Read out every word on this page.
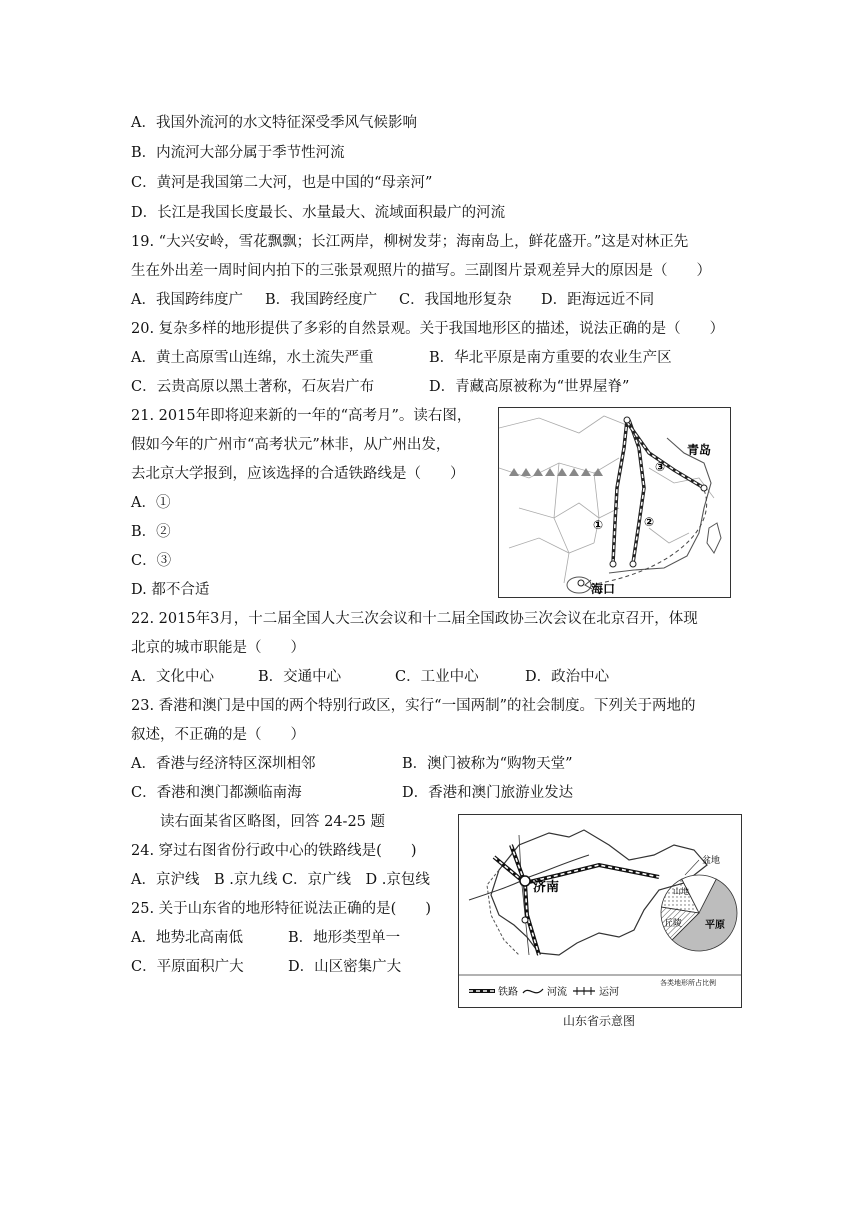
A．我国外流河的水文特征深受季风气候影响
B．内流河大部分属于季节性河流
C．黄河是我国第二大河，也是中国的“母亲河”
D．长江是我国长度最长、水量最大、流域面积最广的河流
19. “大兴安岭，雪花飘飘；长江两岸，柳树发芽；海南岛上，鲜花盛开。”这是对林正先
生在外出差一周时间内拍下的三张景观照片的描写。三副图片景观差异大的原因是（　　）
A．我国跨纬度广 B．我国跨经度广 C．我国地形复杂 D．距海远近不同
20. 复杂多样的地形提供了多彩的自然景观。关于我国地形区的描述，说法正确的是（　　）
A．黄土高原雪山连绵，水土流失严重	B．华北平原是南方重要的农业生产区
C．云贵高原以黑土著称，石灰岩广布	D．青藏高原被称为“世界屋脊”
21. 2015年即将迎来新的一年的“高考月”。读右图，
假如今年的广州市“高考状元”林非，从广州出发，
去北京大学报到，应该选择的合适铁路线是（　　）
A．①
B．②
C．③
D. 都不合适
青岛
海口
①	②
③
22. 2015年3月，十二届全国人大三次会议和十二届全国政协三次会议在北京召开，体现
北京的城市职能是（　　）
A．文化中心	B．交通中心	C．工业中心	D．政治中心
23. 香港和澳门是中国的两个特别行政区，实行“一国两制”的社会制度。下列关于两地的
叙述，不正确的是（　　）
A．香港与经济特区深圳相邻	B．澳门被称为“购物天堂”
C．香港和澳门都濒临南海	D．香港和澳门旅游业发达
读右面某省区略图，回答 24-25 题
24. 穿过右图省份行政中心的铁路线是(　　)
A．京沪线　B .京九线 C．京广线　D .京包线
25. 关于山东省的地形特征说法正确的是(　　)
A．地势北高南低	B．地形类型单一
C．平原面积广大	D．山区密集广大
济南
盆地
山地
丘陵 平原
各类地形所占比例
铁路	河流	运河
山东省示意图
